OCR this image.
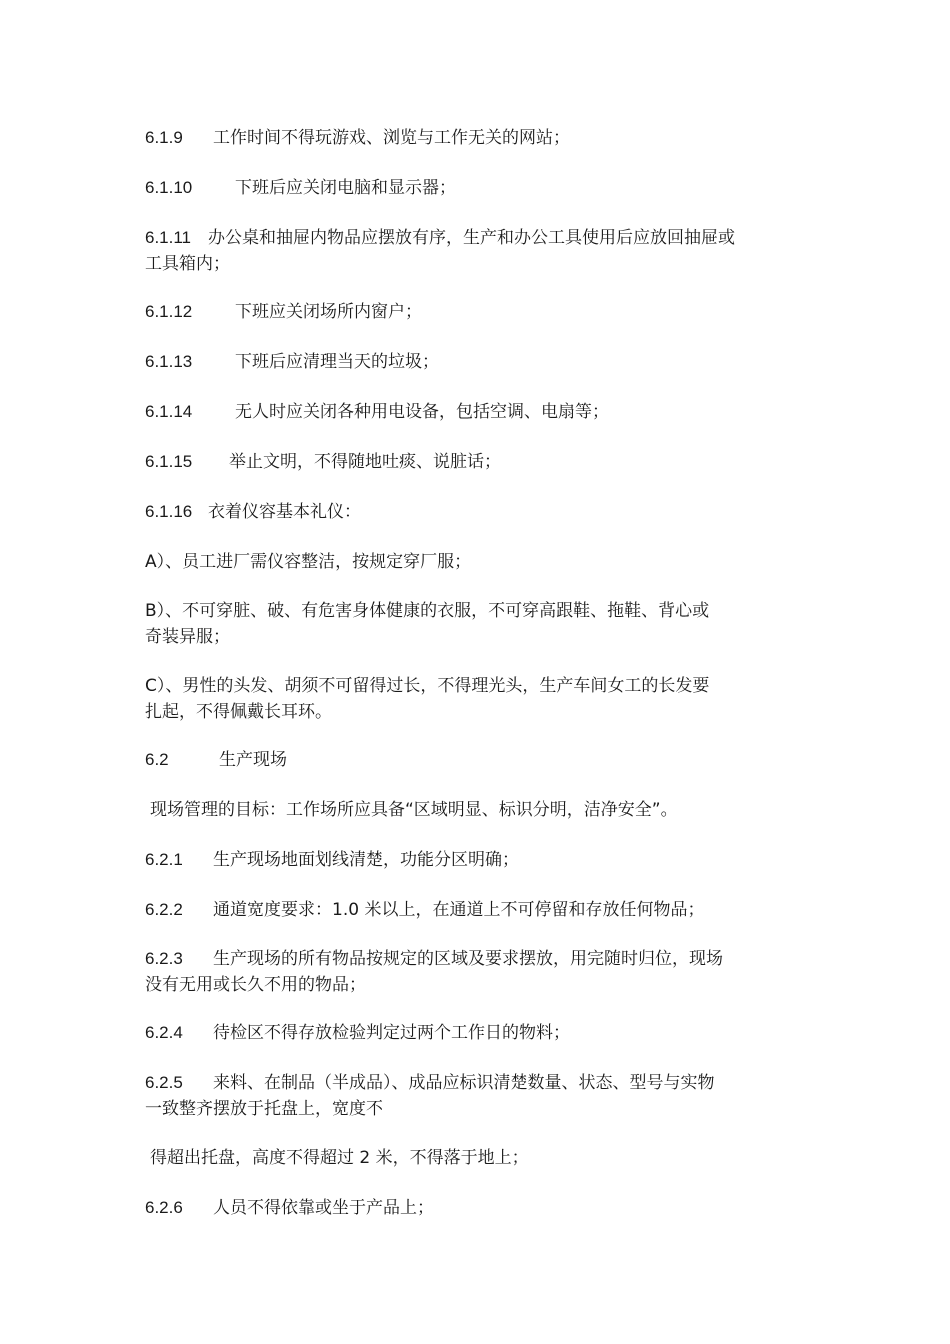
6.1.9 工作时间不得玩游戏、浏览与工作无关的网站；
6.1.10	下班后应关闭电脑和显示器；
6.1.11 办公桌和抽屉内物品应摆放有序，生产和办公工具使用后应放回抽屉或
工具箱内；
6.1.12	下班应关闭场所内窗户；
6.1.13	下班后应清理当天的垃圾；
6.1.14	无人时应关闭各种用电设备，包括空调、电扇等；
6.1.15 举止文明，不得随地吐痰、说脏话；
6.1.16 衣着仪容基本礼仪：
A）、员工进厂需仪容整洁，按规定穿厂服；
B）、不可穿脏、破、有危害身体健康的衣服，不可穿高跟鞋、拖鞋、背心或
奇装异服；
C）、男性的头发、胡须不可留得过长，不得理光头，生产车间女工的长发要
扎起，不得佩戴长耳环。
6.2	生产现场
现场管理的目标：工作场所应具备“区域明显、标识分明，洁净安全”。
6.2.1 生产现场地面划线清楚，功能分区明确；
6.2.2 通道宽度要求：1.0 米以上，在通道上不可停留和存放任何物品；
6.2.3 生产现场的所有物品按规定的区域及要求摆放，用完随时归位，现场
没有无用或长久不用的物品；
6.2.4 待检区不得存放检验判定过两个工作日的物料；
6.2.5 来料、在制品（半成品）、成品应标识清楚数量、状态、型号与实物
一致整齐摆放于托盘上，宽度不
得超出托盘，高度不得超过 2 米，不得落于地上；
6.2.6 人员不得依靠或坐于产品上；
